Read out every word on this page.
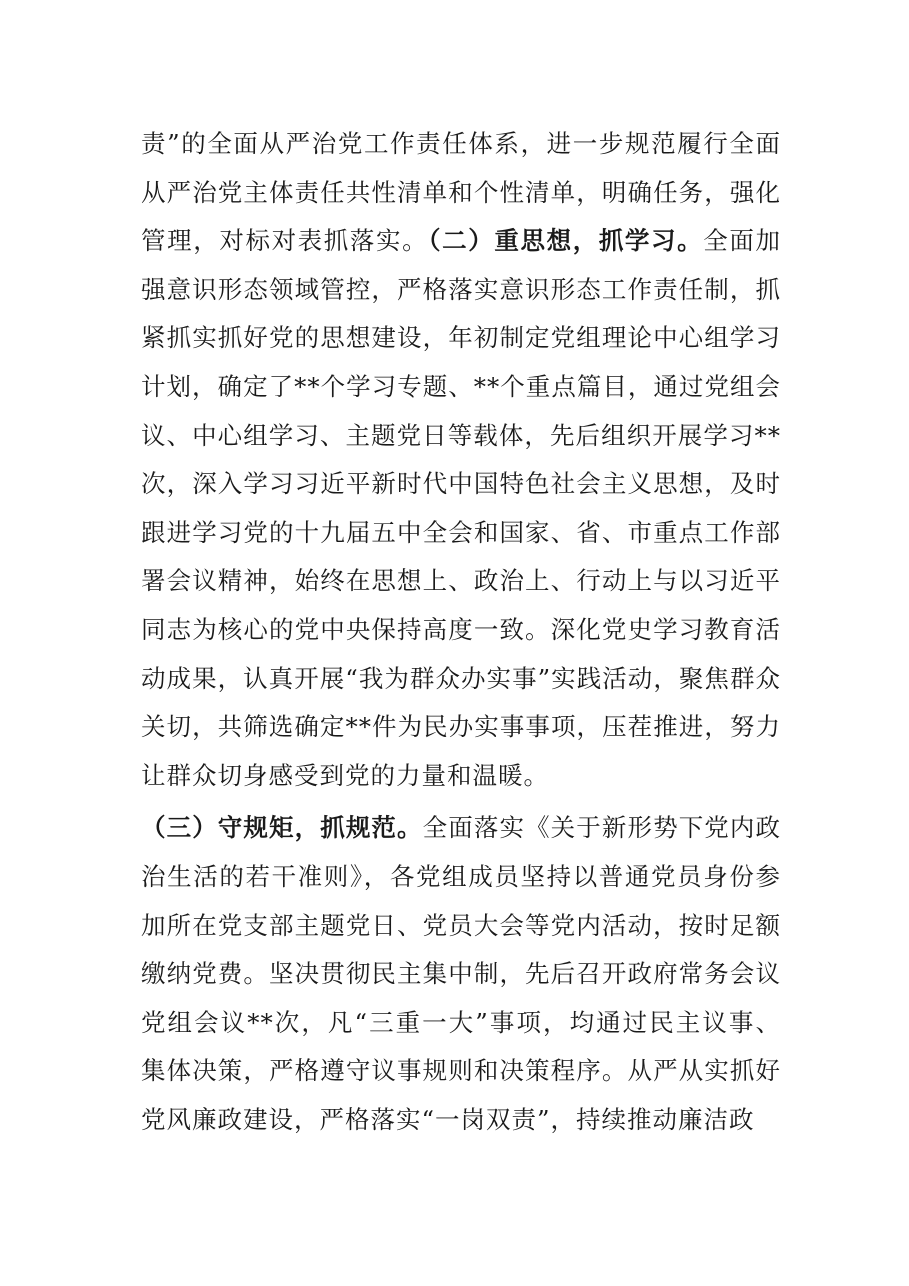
责”的全面从严治党工作责任体系，进一步规范履行全面从严治党主体责任共性清单和个性清单，明确任务，强化管理，对标对表抓落实。（二）重思想，抓学习。全面加强意识形态领域管控，严格落实意识形态工作责任制，抓紧抓实抓好党的思想建设，年初制定党组理论中心组学习计划，确定了**个学习专题、**个重点篇目，通过党组会议、中心组学习、主题党日等载体，先后组织开展学习**次，深入学习习近平新时代中国特色社会主义思想，及时跟进学习党的十九届五中全会和国家、省、市重点工作部署会议精神，始终在思想上、政治上、行动上与以习近平同志为核心的党中央保持高度一致。深化党史学习教育活动成果，认真开展“我为群众办实事”实践活动，聚焦群众关切，共筛选确定**件为民办实事事项，压茬推进，努力让群众切身感受到党的力量和温暖。

（三）守规矩，抓规范。全面落实《关于新形势下党内政治生活的若干准则》，各党组成员坚持以普通党员身份参加所在党支部主题党日、党员大会等党内活动，按时足额缴纳党费。坚决贯彻民主集中制，先后召开政府常务会议党组会议**次，凡“三重一大”事项，均通过民主议事、集体决策，严格遵守议事规则和决策程序。从严从实抓好党风廉政建设，严格落实“一岗双责”，持续推动廉洁政
